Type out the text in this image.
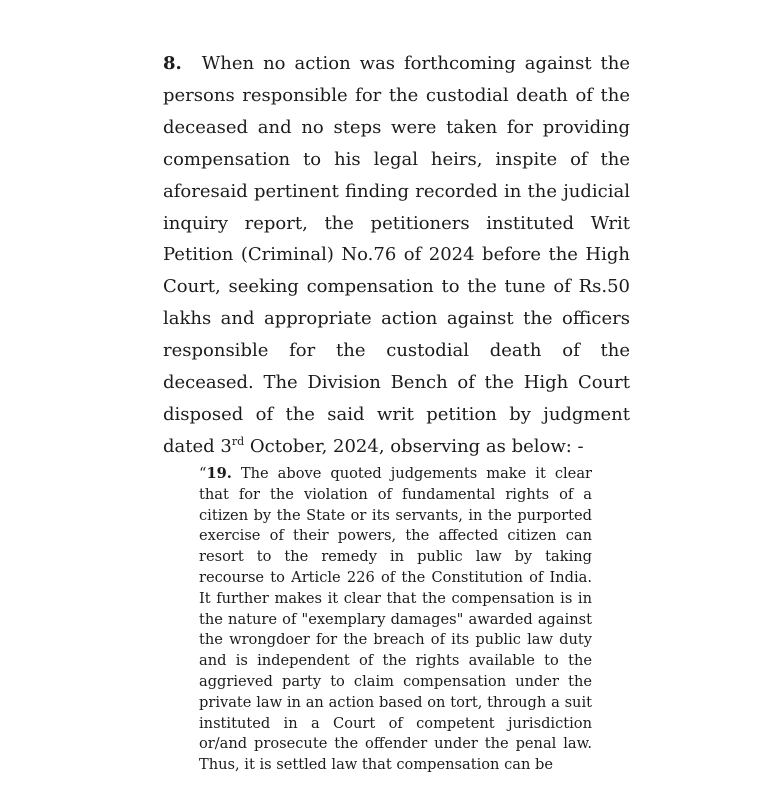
8. When no action was forthcoming against the persons responsible for the custodial death of the deceased and no steps were taken for providing compensation to his legal heirs, inspite of the aforesaid pertinent finding recorded in the judicial inquiry report, the petitioners instituted Writ Petition (Criminal) No.76 of 2024 before the High Court, seeking compensation to the tune of Rs.50 lakhs and appropriate action against the officers responsible for the custodial death of the deceased. The Division Bench of the High Court disposed of the said writ petition by judgment dated 3rd October, 2024, observing as below: -

“19. The above quoted judgements make it clear that for the violation of fundamental rights of a citizen by the State or its servants, in the purported exercise of their powers, the affected citizen can resort to the remedy in public law by taking recourse to Article 226 of the Constitution of India. It further makes it clear that the compensation is in the nature of "exemplary damages" awarded against the wrongdoer for the breach of its public law duty and is independent of the rights available to the aggrieved party to claim compensation under the private law in an action based on tort, through a suit instituted in a Court of competent jurisdiction or/and prosecute the offender under the penal law. Thus, it is settled law that compensation can be
